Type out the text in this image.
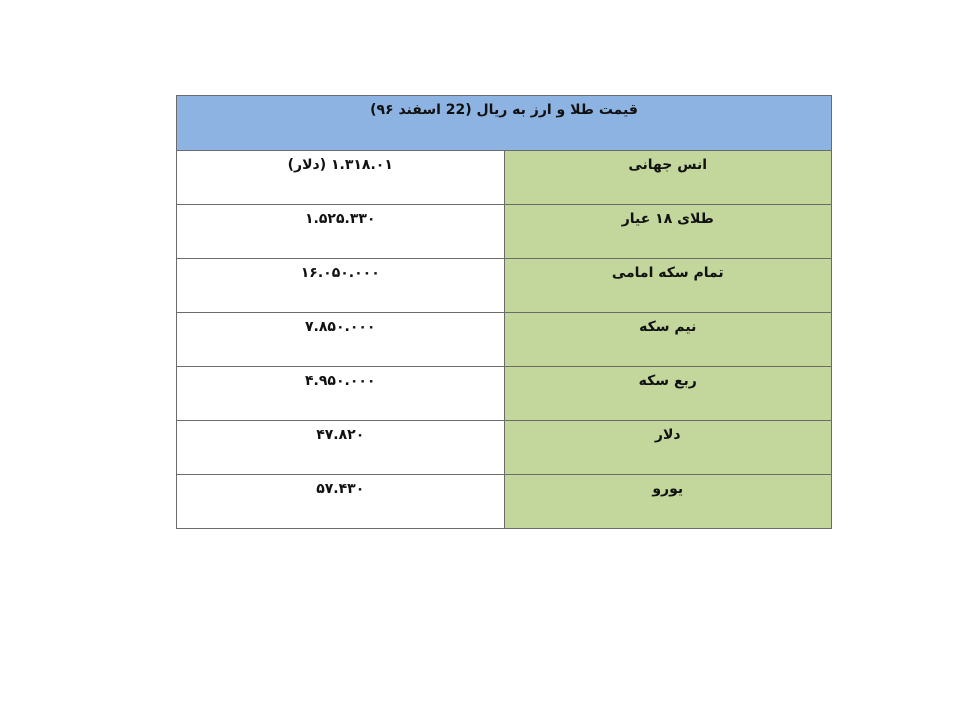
قیمت طلا و ارز به ریال (22 اسفند ۹۶)	

انس جهانی	۱.۳۱۸.۰۱ (دلار)

طلای ۱۸ عیار	۱.۵۲۵.۳۳۰

تمام سکه امامی	۱۶.۰۵۰.۰۰۰

نیم سکه	۷.۸۵۰.۰۰۰

ربع سکه	۴.۹۵۰.۰۰۰

دلار	۴۷.۸۲۰

یورو	۵۷.۴۳۰
